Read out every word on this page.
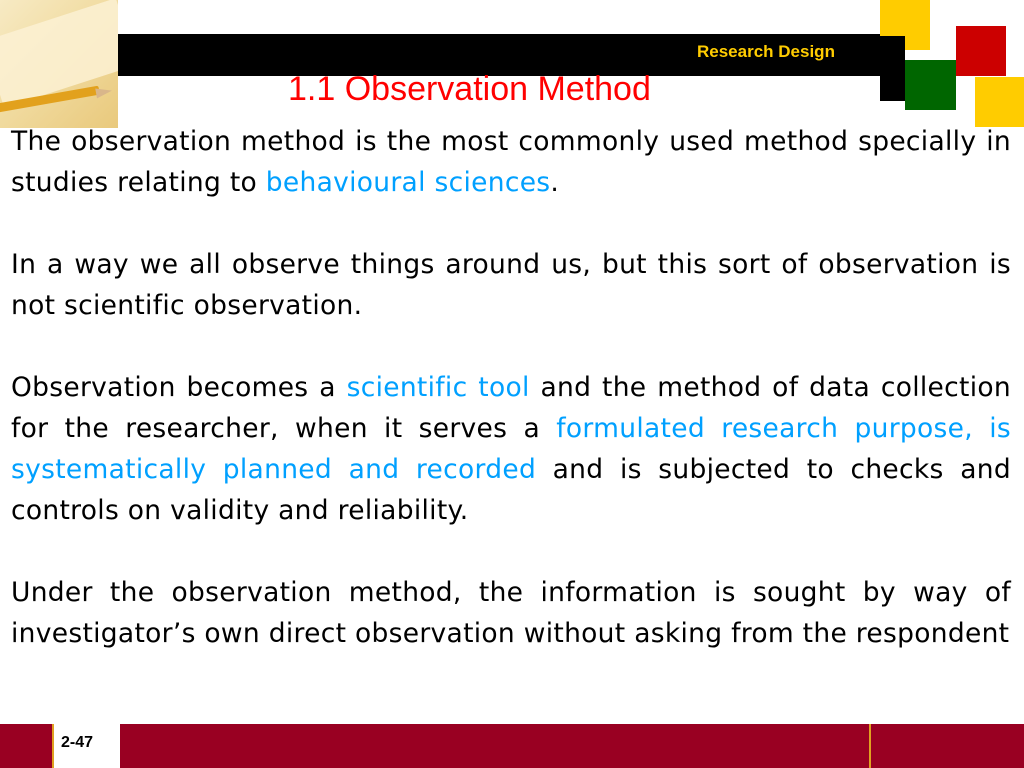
Research Design
1.1 Observation Method

The observation method is the most commonly used method specially in studies relating to behavioural sciences.

In a way we all observe things around us, but this sort of observation is not scientific observation.

Observation becomes a scientific tool and the method of data collection for the researcher, when it serves a formulated research purpose, is systematically planned and recorded and is subjected to checks and controls on validity and reliability.

Under the observation method, the information is sought by way of investigator’s own direct observation without asking from the respondent

2-47
